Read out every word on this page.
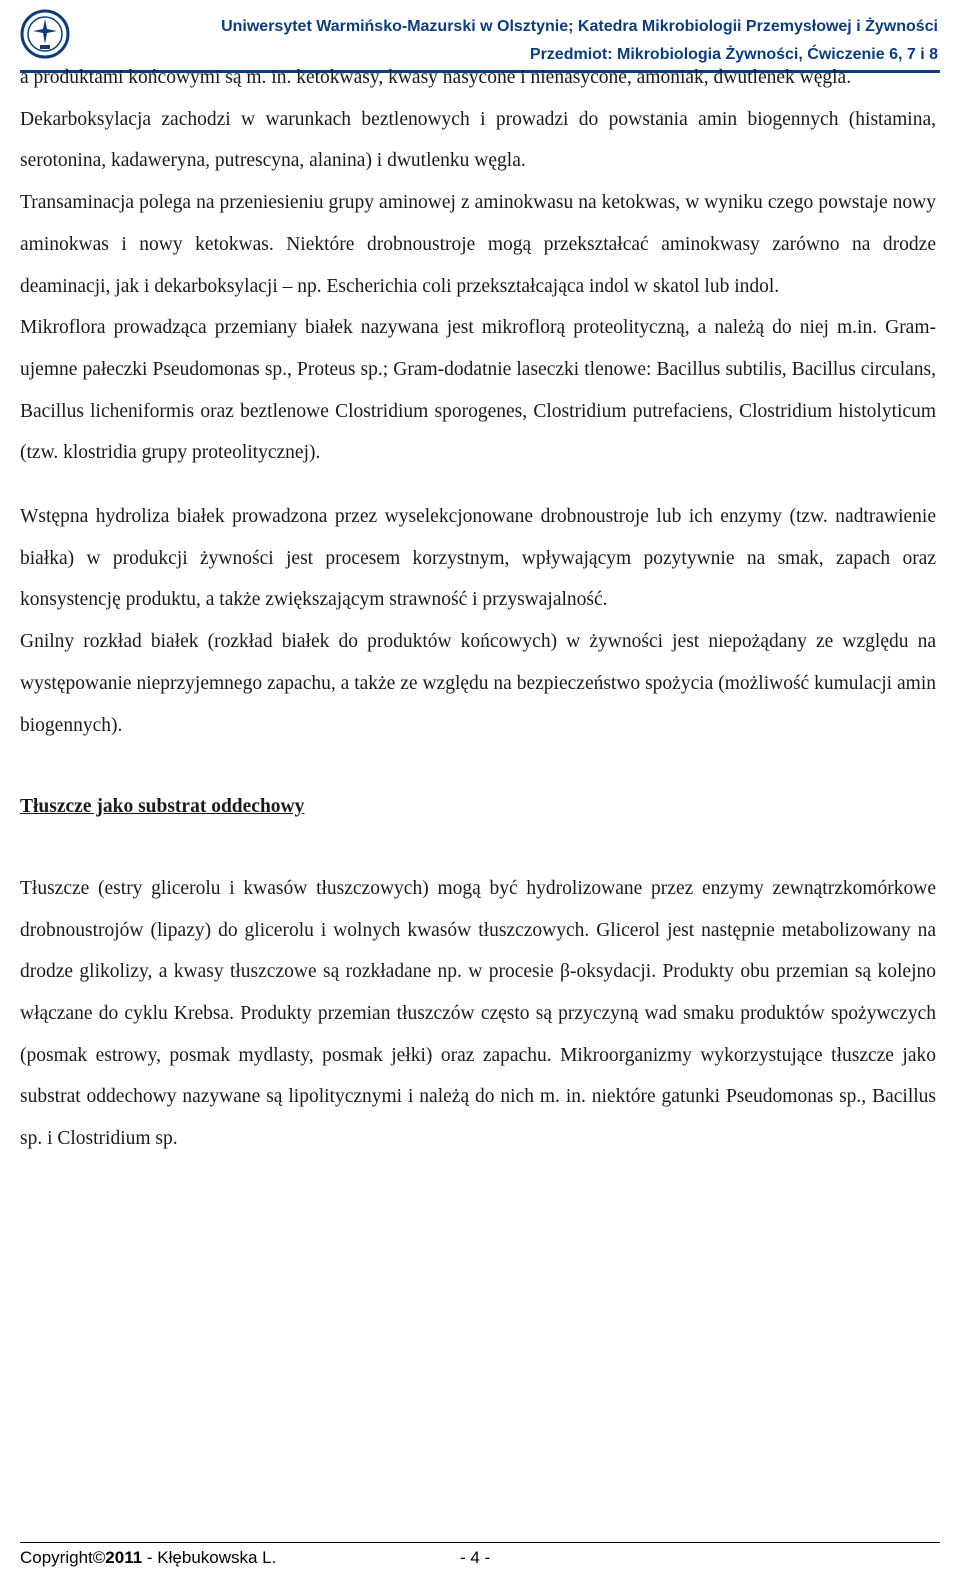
Uniwersytet Warmińsko-Mazurski w Olsztynie; Katedra Mikrobiologii Przemysłowej i Żywności
Przedmiot: Mikrobiologia Żywności, Ćwiczenie 6, 7 i 8

a produktami końcowymi są m. in. ketokwasy, kwasy nasycone i nienasycone, amoniak, dwutlenek węgla.

Dekarboksylacja zachodzi w warunkach beztlenowych i prowadzi do powstania amin biogennych (histamina, serotonina, kadaweryna, putrescyna, alanina) i dwutlenku węgla.

Transaminacja polega na przeniesieniu grupy aminowej z aminokwasu na ketokwas, w wyniku czego powstaje nowy aminokwas i nowy ketokwas. Niektóre drobnoustroje mogą przekształcać aminokwasy zarówno na drodze deaminacji, jak i dekarboksylacji – np. Escherichia coli przekształcająca indol w skatol lub indol.

Mikroflora prowadząca przemiany białek nazywana jest mikroflorą proteolityczną, a należą do niej m.in. Gram-ujemne pałeczki Pseudomonas sp., Proteus sp.; Gram-dodatnie laseczki tlenowe: Bacillus subtilis, Bacillus circulans, Bacillus licheniformis oraz beztlenowe Clostridium sporogenes, Clostridium putrefaciens, Clostridium histolyticum (tzw. klostridia grupy proteolitycznej).

Wstępna hydroliza białek prowadzona przez wyselekcjonowane drobnoustroje lub ich enzymy (tzw. nadtrawienie białka) w produkcji żywności jest procesem korzystnym, wpływającym pozytywnie na smak, zapach oraz konsystencję produktu, a także zwiększającym strawność i przyswajalność.

Gnilny rozkład białek (rozkład białek do produktów końcowych) w żywności jest niepożądany ze względu na występowanie nieprzyjemnego zapachu, a także ze względu na bezpieczeństwo spożycia (możliwość kumulacji amin biogennych).

Tłuszcze jako substrat oddechowy

Tłuszcze (estry glicerolu i kwasów tłuszczowych) mogą być hydrolizowane przez enzymy zewnątrzkomórkowe drobnoustrojów (lipazy) do glicerolu i wolnych kwasów tłuszczowych. Glicerol jest następnie metabolizowany na drodze glikolizy, a kwasy tłuszczowe są rozkładane np. w procesie β-oksydacji. Produkty obu przemian są kolejno włączane do cyklu Krebsa. Produkty przemian tłuszczów często są przyczyną wad smaku produktów spożywczych (posmak estrowy, posmak mydlasty, posmak jełki) oraz zapachu. Mikroorganizmy wykorzystujące tłuszcze jako substrat oddechowy nazywane są lipolitycznymi i należą do nich m. in. niektóre gatunki Pseudomonas sp., Bacillus sp. i Clostridium sp.

Copyright©2011 - Kłębukowska L.	- 4 -
